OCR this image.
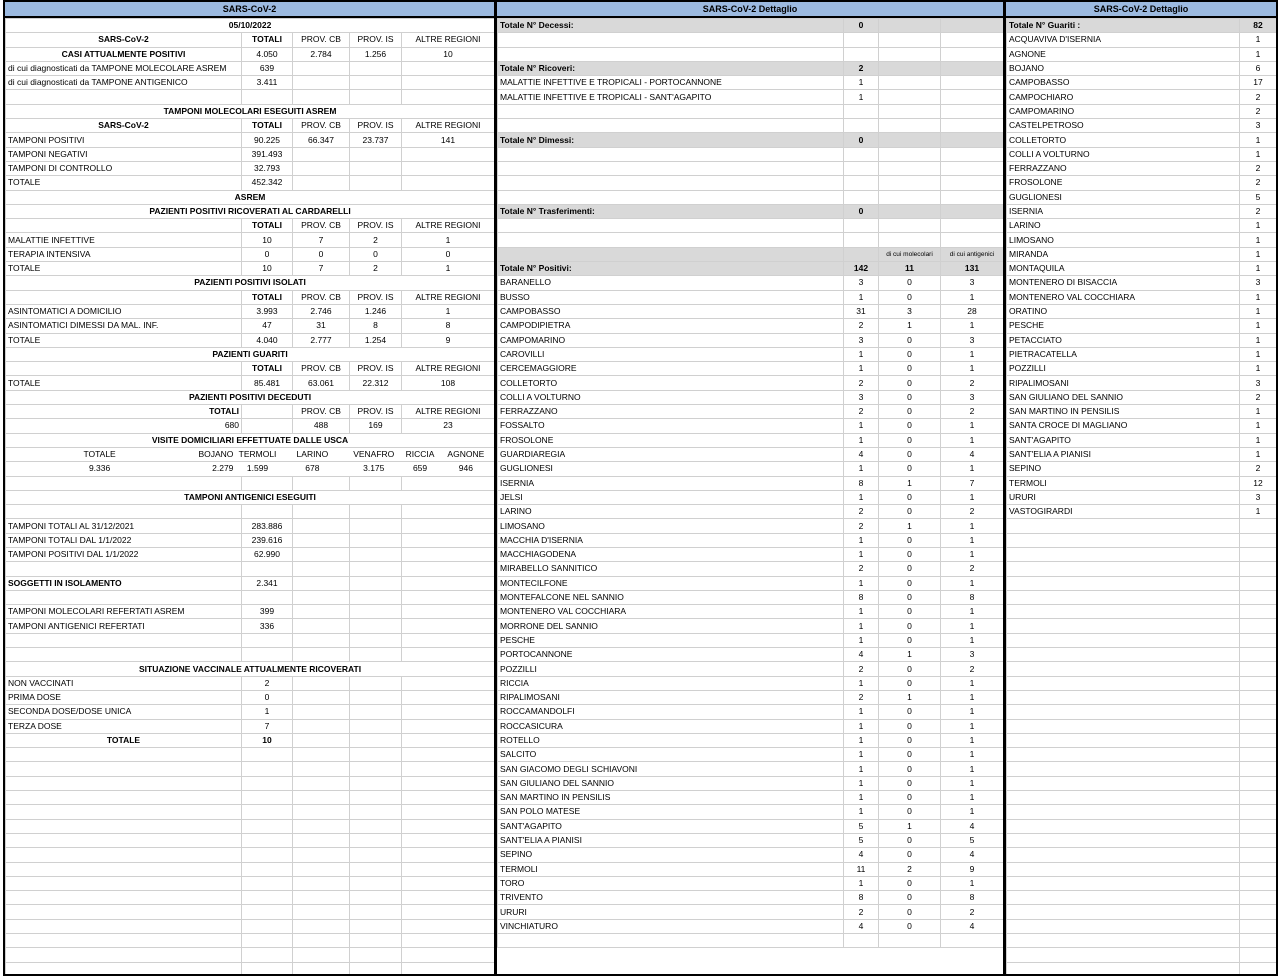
SARS-CoV-2
05/10/2022
SARS-CoV-2	TOTALI	PROV. CB	PROV. IS	ALTRE REGIONI
CASI ATTUALMENTE POSITIVI	4.050	2.784	1.256	10
di cui diagnosticati da TAMPONE MOLECOLARE ASREM	639			
di cui diagnosticati da TAMPONE ANTIGENICO	3.411			

TAMPONI MOLECOLARI ESEGUITI ASREM
SARS-CoV-2	TOTALI	PROV. CB	PROV. IS	ALTRE REGIONI
TAMPONI POSITIVI	90.225	66.347	23.737	141
TAMPONI NEGATIVI	391.493			
TAMPONI DI CONTROLLO	32.793			
TOTALE	452.342			
ASREM
PAZIENTI POSITIVI RICOVERATI AL CARDARELLI
	TOTALI	PROV. CB	PROV. IS	ALTRE REGIONI
MALATTIE INFETTIVE	10	7	2	1
TERAPIA INTENSIVA	0	0	0	0
TOTALE	10	7	2	1
PAZIENTI POSITIVI ISOLATI
	TOTALI	PROV. CB	PROV. IS	ALTRE REGIONI
ASINTOMATICI A DOMICILIO	3.993	2.746	1.246	1
ASINTOMATICI DIMESSI DA MAL. INF.	47	31	8	8
TOTALE	4.040	2.777	1.254	9
PAZIENTI GUARITI
	TOTALI	PROV. CB	PROV. IS	ALTRE REGIONI
TOTALE	85.481	63.061	22.312	108
PAZIENTI POSITIVI DECEDUTI
TOTALI		PROV. CB	PROV. IS	ALTRE REGIONI
680		488	169	23
VISITE DOMICILIARI EFFETTUATE DALLE USCA

TOTALE	BOJANO	TERMOLI	LARINO	VENAFRO	RICCIA	AGNONE

9.336	2.279	1.599	678	3.175	659	946

TAMPONI ANTIGENICI ESEGUITI

TAMPONI TOTALI AL 31/12/2021	283.886			
TAMPONI TOTALI DAL 1/1/2022	239.616			
TAMPONI POSITIVI DAL 1/1/2022	62.990			

SOGGETTI IN ISOLAMENTO	2.341			

TAMPONI MOLECOLARI REFERTATI ASREM	399			
TAMPONI ANTIGENICI REFERTATI	336			

SITUAZIONE VACCINALE ATTUALMENTE RICOVERATI
NON VACCINATI	2			
PRIMA DOSE	0			
SECONDA DOSE/DOSE UNICA	1			
TERZA DOSE	7			
TOTALE	10			

SARS-CoV-2 Dettaglio
Totale N° Decessi:	0		

Totale N° Ricoveri:	2		
MALATTIE INFETTIVE E TROPICALI - PORTOCANNONE	1		
MALATTIE INFETTIVE E TROPICALI - SANT'AGAPITO	1		

Totale N° Dimessi:	0		

Totale N° Trasferimenti:	0		

		di cui molecolari	di cui antigenici
Totale N° Positivi:	142	11	131
BARANELLO	3	0	3
BUSSO	1	0	1
CAMPOBASSO	31	3	28
CAMPODIPIETRA	2	1	1
CAMPOMARINO	3	0	3
CAROVILLI	1	0	1
CERCEMAGGIORE	1	0	1
COLLETORTO	2	0	2
COLLI A VOLTURNO	3	0	3
FERRAZZANO	2	0	2
FOSSALTO	1	0	1
FROSOLONE	1	0	1
GUARDIAREGIA	4	0	4
GUGLIONESI	1	0	1
ISERNIA	8	1	7
JELSI	1	0	1
LARINO	2	0	2
LIMOSANO	2	1	1
MACCHIA D'ISERNIA	1	0	1
MACCHIAGODENA	1	0	1
MIRABELLO SANNITICO	2	0	2
MONTECILFONE	1	0	1
MONTEFALCONE NEL SANNIO	8	0	8
MONTENERO VAL COCCHIARA	1	0	1
MORRONE DEL SANNIO	1	0	1
PESCHE	1	0	1
PORTOCANNONE	4	1	3
POZZILLI	2	0	2
RICCIA	1	0	1
RIPALIMOSANI	2	1	1
ROCCAMANDOLFI	1	0	1
ROCCASICURA	1	0	1
ROTELLO	1	0	1
SALCITO	1	0	1
SAN GIACOMO DEGLI SCHIAVONI	1	0	1
SAN GIULIANO DEL SANNIO	1	0	1
SAN MARTINO IN PENSILIS	1	0	1
SAN POLO MATESE	1	0	1
SANT'AGAPITO	5	1	4
SANT'ELIA A PIANISI	5	0	5
SEPINO	4	0	4
TERMOLI	11	2	9
TORO	1	0	1
TRIVENTO	8	0	8
URURI	2	0	2
VINCHIATURO	4	0	4

SARS-CoV-2 Dettaglio
Totale N° Guariti :	82
ACQUAVIVA D'ISERNIA	1
AGNONE	1
BOJANO	6
CAMPOBASSO	17
CAMPOCHIARO	2
CAMPOMARINO	2
CASTELPETROSO	3
COLLETORTO	1
COLLI A VOLTURNO	1
FERRAZZANO	2
FROSOLONE	2
GUGLIONESI	5
ISERNIA	2
LARINO	1
LIMOSANO	1
MIRANDA	1
MONTAQUILA	1
MONTENERO DI BISACCIA	3
MONTENERO VAL COCCHIARA	1
ORATINO	1
PESCHE	1
PETACCIATO	1
PIETRACATELLA	1
POZZILLI	1
RIPALIMOSANI	3
SAN GIULIANO DEL SANNIO	2
SAN MARTINO IN PENSILIS	1
SANTA CROCE DI MAGLIANO	1
SANT'AGAPITO	1
SANT'ELIA A PIANISI	1
SEPINO	2
TERMOLI	12
URURI	3
VASTOGIRARDI	1
